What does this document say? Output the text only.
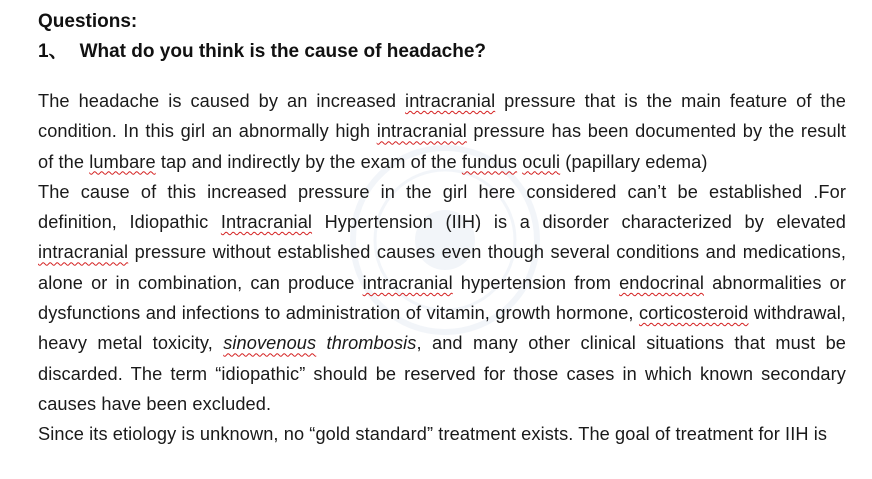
Questions:

1、 What do you think is the cause of headache?

The headache is caused by an increased intracranial pressure that is the main feature of the condition. In this girl an abnormally high intracranial pressure has been documented by the result of the lumbare tap and indirectly by the exam of the fundus oculi (papillary edema)

The cause of this increased pressure in the girl here considered can’t be established .For definition, Idiopathic Intracranial Hypertension (IIH) is a disorder characterized by elevated intracranial pressure without established causes even though several conditions and medications, alone or in combination, can produce intracranial hypertension from endocrinal abnormalities or dysfunctions and infections to administration of vitamin, growth hormone, corticosteroid withdrawal, heavy metal toxicity, sinovenous thrombosis, and many other clinical situations that must be discarded. The term “idiopathic” should be reserved for those cases in which known secondary causes have been excluded.

Since its etiology is unknown, no “gold standard” treatment exists. The goal of treatment for IIH is
